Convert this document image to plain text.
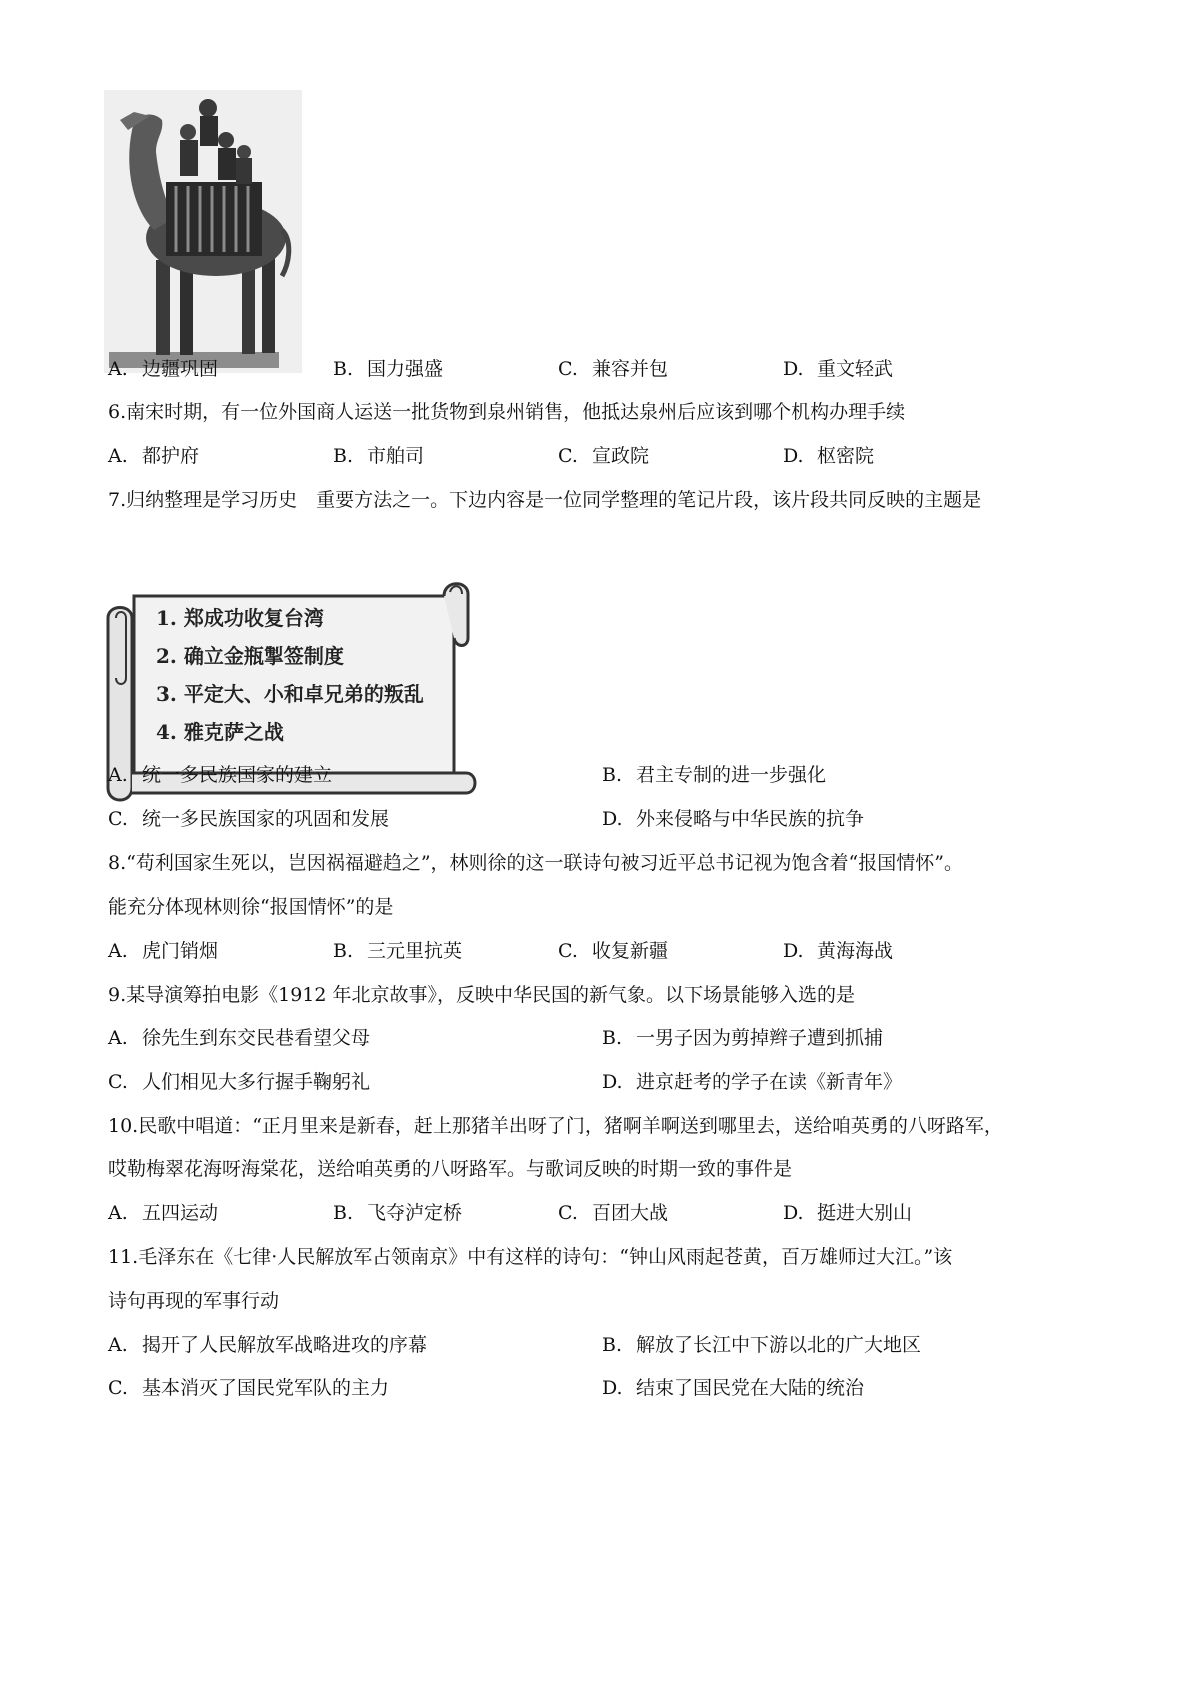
A. 边疆巩固	B. 国力强盛	C. 兼容并包	D. 重文轻武
6.南宋时期，有一位外国商人运送一批货物到泉州销售，他抵达泉州后应该到哪个机构办理手续
A. 都护府	B. 市舶司	C. 宣政院	D. 枢密院
7.归纳整理是学习历史　重要方法之一。下边内容是一位同学整理的笔记片段，该片段共同反映的主题是
1. 郑成功收复台湾
2. 确立金瓶掣签制度
3. 平定大、小和卓兄弟的叛乱
4. 雅克萨之战
A. 统一多民族国家的建立	B. 君主专制的进一步强化
C. 统一多民族国家的巩固和发展	D. 外来侵略与中华民族的抗争
8.“苟利国家生死以，岂因祸福避趋之”，林则徐的这一联诗句被习近平总书记视为饱含着“报国情怀”。
能充分体现林则徐“报国情怀”的是
A. 虎门销烟	B. 三元里抗英	C. 收复新疆	D. 黄海海战
9.某导演筹拍电影《1912 年北京故事》，反映中华民国的新气象。以下场景能够入选的是
A. 徐先生到东交民巷看望父母	B. 一男子因为剪掉辫子遭到抓捕
C. 人们相见大多行握手鞠躬礼	D. 进京赶考的学子在读《新青年》
10.民歌中唱道：“正月里来是新春，赶上那猪羊出呀了门，猪啊羊啊送到哪里去，送给咱英勇的八呀路军，
哎勒梅翠花海呀海棠花，送给咱英勇的八呀路军。与歌词反映的时期一致的事件是
A. 五四运动	B. 飞夺泸定桥	C. 百团大战	D. 挺进大别山
11.毛泽东在《七律·人民解放军占领南京》中有这样的诗句：“钟山风雨起苍黄，百万雄师过大江。”该
诗句再现的军事行动
A. 揭开了人民解放军战略进攻的序幕	B. 解放了长江中下游以北的广大地区
C. 基本消灭了国民党军队的主力	D. 结束了国民党在大陆的统治
